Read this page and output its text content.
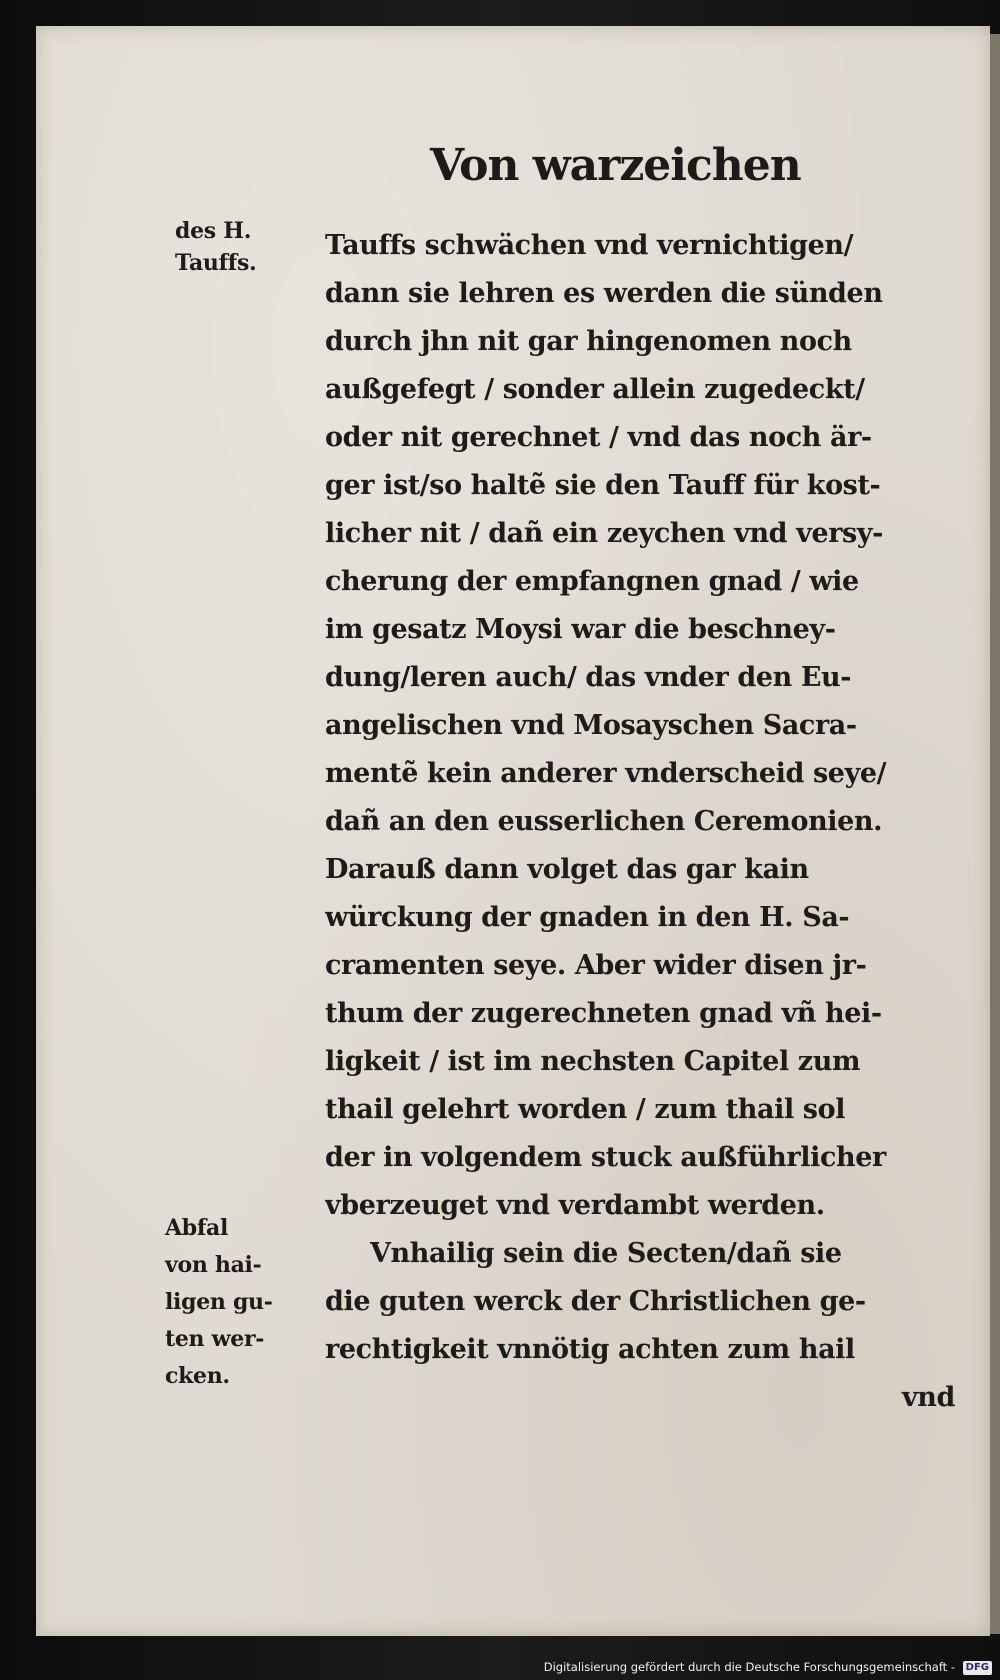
Von warzeichen
des H.
Tauffs.
Abfal
von hai-
ligen gu-
ten wer-
cken.
Tauffs schwächen vnd vernichtigen/
dann sie lehren es werden die sünden
durch jhn nit gar hingenomen noch
außgefegt / sonder allein zugedeckt/
oder nit gerechnet / vnd das noch är-
ger ist/so haltẽ sie den Tauff für kost-
licher nit / dañ ein zeychen vnd versy-
cherung der empfangnen gnad / wie
im gesatz Moysi war die beschney-
dung/leren auch/ das vnder den Eu-
angelischen vnd Mosayschen Sacra-
mentẽ kein anderer vnderscheid seye/
dañ an den eusserlichen Ceremonien.
Darauß dann volget das gar kain
würckung der gnaden in den H. Sa-
cramenten seye. Aber wider disen jr-
thum der zugerechneten gnad vñ hei-
ligkeit / ist im nechsten Capitel zum
thail gelehrt worden / zum thail sol
der in volgendem stuck außführlicher
vberzeuget vnd verdambt werden.
Vnhailig sein die Secten/dañ sie
die guten werck der Christlichen ge-
rechtigkeit vnnötig achten zum hail
vnd
Digitalisierung gefördert durch die Deutsche Forschungsgemeinschaft - DFG
